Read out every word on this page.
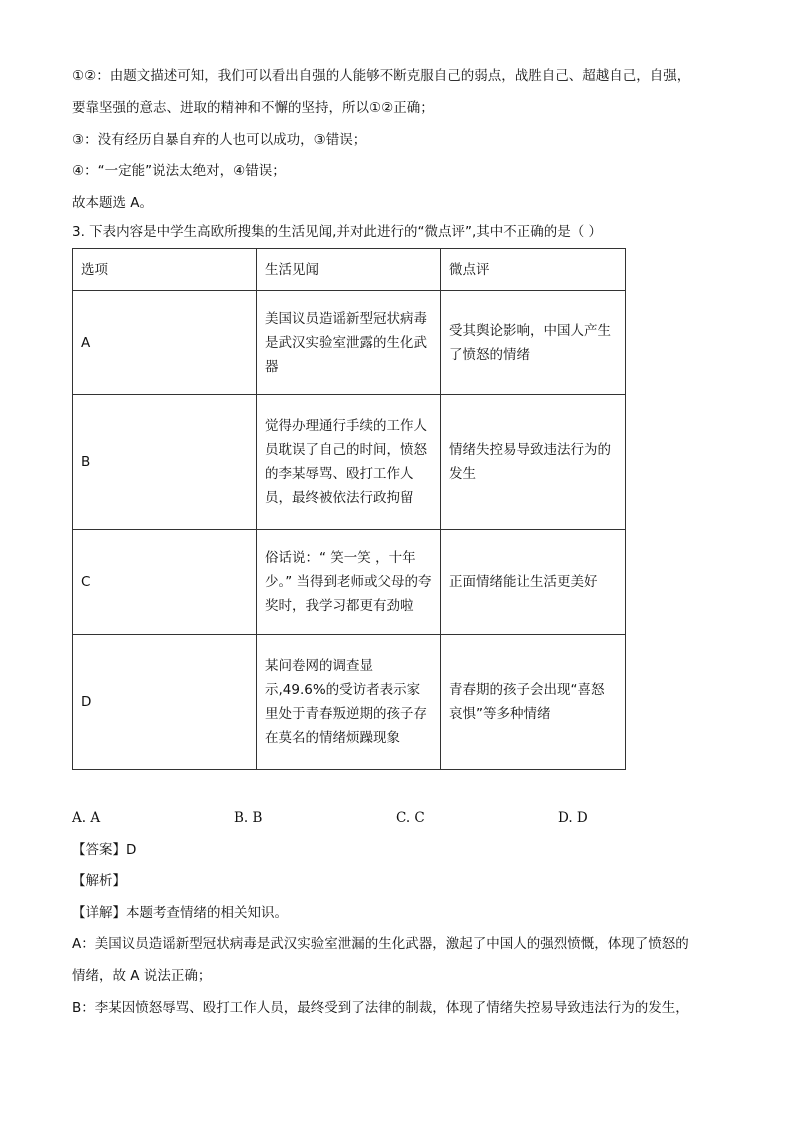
①②：由题文描述可知，我们可以看出自强的人能够不断克服自己的弱点，战胜自己、超越自己，自强，
要靠坚强的意志、进取的精神和不懈的坚持，所以①②正确；
③：没有经历自暴自弃的人也可以成功，③错误；
④：“一定能”说法太绝对，④错误；
故本题选 A。
3. 下表内容是中学生高欧所搜集的生活见闻,并对此进行的“微点评”,其中不正确的是（ ）
选项	生活见闻	微点评
A	美国议员造谣新型冠状病毒是武汉实验室泄露的生化武器	受其舆论影响，中国人产生了愤怒的情绪
B	觉得办理通行手续的工作人员耽误了自己的时间，愤怒的李某辱骂、殴打工作人员，最终被依法行政拘留	情绪失控易导致违法行为的发生
C	俗话说：“ 笑一笑 ，十年少。” 当得到老师或父母的夸奖时，我学习都更有劲啦	正面情绪能让生活更美好
D	某问卷网的调查显示,49.6%的受访者表示家里处于青春叛逆期的孩子存在莫名的情绪烦躁现象	青春期的孩子会出现“喜怒哀惧”等多种情绪
A. A	B. B	C. C	D. D
【答案】D
【解析】
【详解】本题考查情绪的相关知识。
A：美国议员造谣新型冠状病毒是武汉实验室泄漏的生化武器，激起了中国人的强烈愤慨，体现了愤怒的
情绪，故 A 说法正确；
B：李某因愤怒辱骂、殴打工作人员，最终受到了法律的制裁，体现了情绪失控易导致违法行为的发生，
